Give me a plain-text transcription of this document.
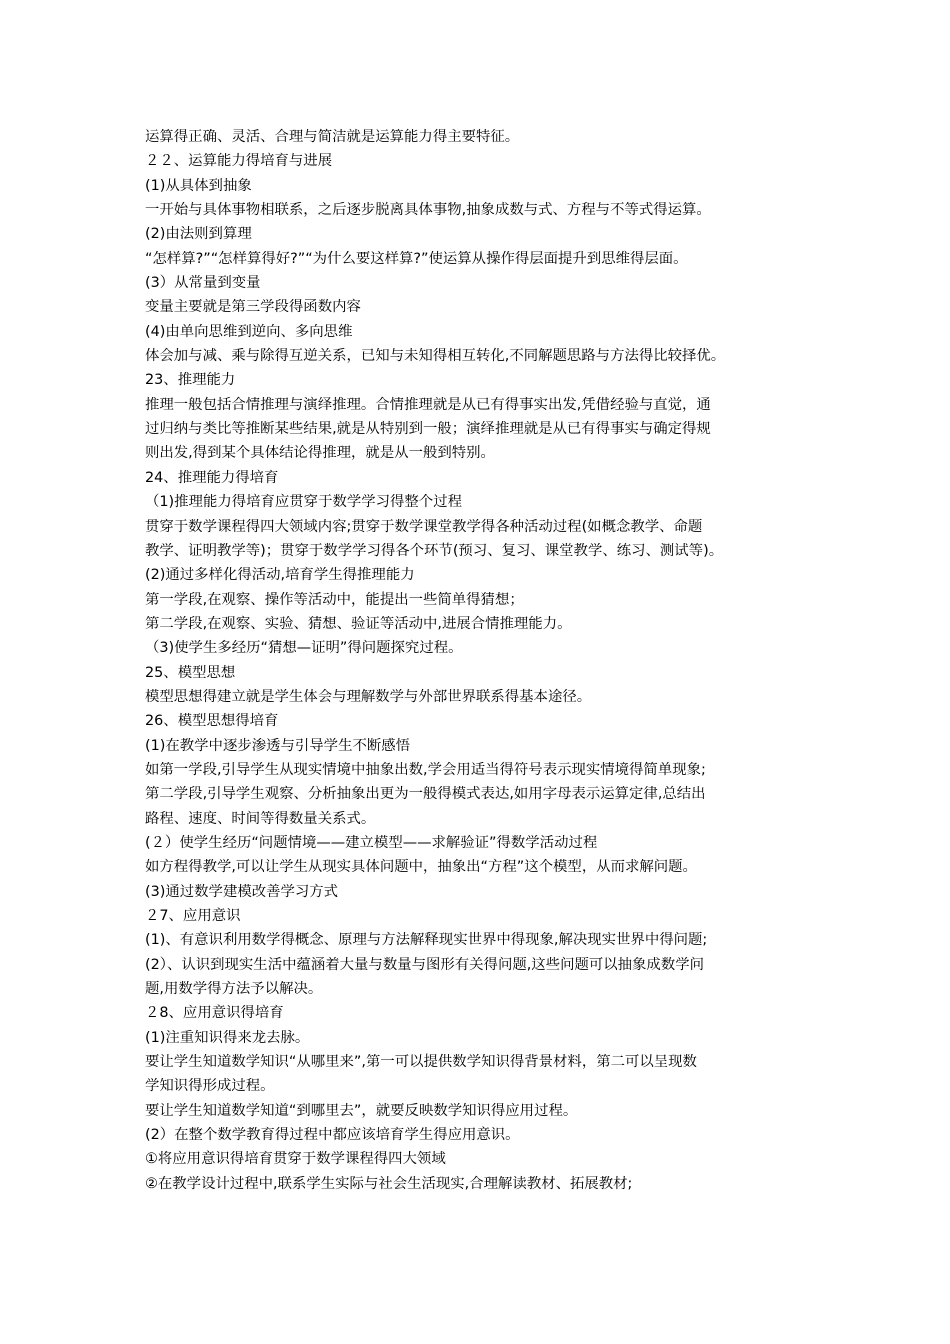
运算得正确、灵活、合理与简洁就是运算能力得主要特征。
２２、运算能力得培育与进展
(1)从具体到抽象
一开始与具体事物相联系，之后逐步脱离具体事物,抽象成数与式、方程与不等式得运算。
(2)由法则到算理
“怎样算?”“怎样算得好?”“为什么要这样算?”使运算从操作得层面提升到思维得层面。
(3）从常量到变量
变量主要就是第三学段得函数内容
(4)由单向思维到逆向、多向思维
体会加与减、乘与除得互逆关系，已知与未知得相互转化,不同解题思路与方法得比较择优。
23、推理能力
推理一般包括合情推理与演绎推理。合情推理就是从已有得事实出发,凭借经验与直觉，通
过归纳与类比等推断某些结果,就是从特别到一般；演绎推理就是从已有得事实与确定得规
则出发,得到某个具体结论得推理，就是从一般到特别。
24、推理能力得培育
（1)推理能力得培育应贯穿于数学学习得整个过程
贯穿于数学课程得四大领域内容;贯穿于数学课堂教学得各种活动过程(如概念教学、命题
教学、证明教学等)；贯穿于数学学习得各个环节(预习、复习、课堂教学、练习、测试等)。
(2)通过多样化得活动,培育学生得推理能力
第一学段,在观察、操作等活动中，能提出一些简单得猜想；
第二学段,在观察、实验、猜想、验证等活动中,进展合情推理能力。
（3)使学生多经历“猜想—证明”得问题探究过程。
25、模型思想
模型思想得建立就是学生体会与理解数学与外部世界联系得基本途径。
26、模型思想得培育
(1)在教学中逐步渗透与引导学生不断感悟
如第一学段,引导学生从现实情境中抽象出数,学会用适当得符号表示现实情境得简单现象;
第二学段,引导学生观察、分析抽象出更为一般得模式表达,如用字母表示运算定律,总结出
路程、速度、时间等得数量关系式。
(２）使学生经历“问题情境——建立模型——求解验证”得数学活动过程
如方程得教学,可以让学生从现实具体问题中，抽象出“方程”这个模型，从而求解问题。
(3)通过数学建模改善学习方式
２7、应用意识
(1)、有意识利用数学得概念、原理与方法解释现实世界中得现象,解决现实世界中得问题;
(2）、认识到现实生活中蕴涵着大量与数量与图形有关得问题,这些问题可以抽象成数学问
题,用数学得方法予以解决。
２8、应用意识得培育
(1)注重知识得来龙去脉。
要让学生知道数学知识“从哪里来”,第一可以提供数学知识得背景材料，第二可以呈现数
学知识得形成过程。
要让学生知道数学知道“到哪里去”，就要反映数学知识得应用过程。
(2）在整个数学教育得过程中都应该培育学生得应用意识。
①将应用意识得培育贯穿于数学课程得四大领域
②在教学设计过程中,联系学生实际与社会生活现实,合理解读教材、拓展教材;
